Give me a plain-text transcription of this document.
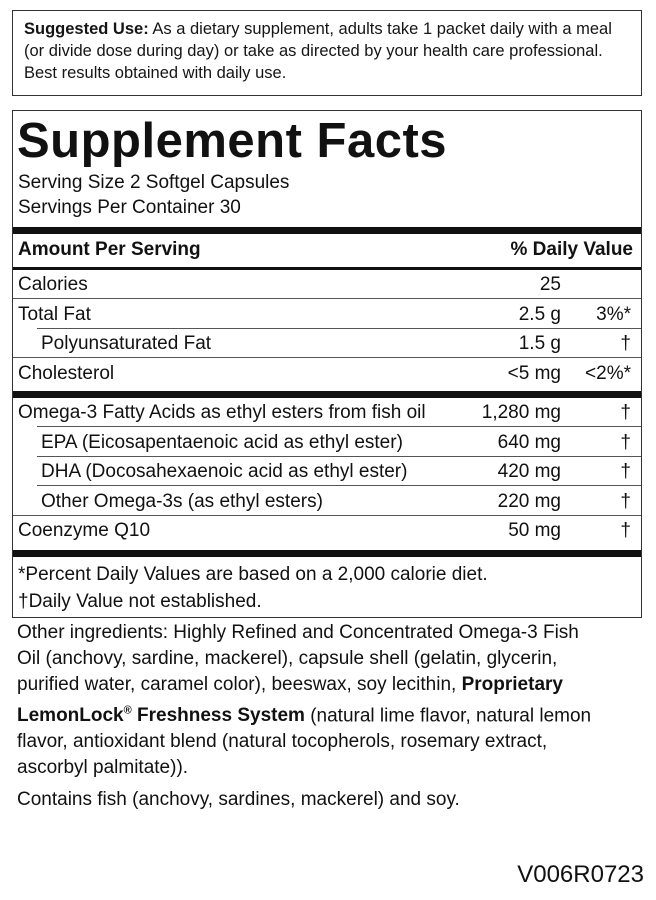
Suggested Use: As a dietary supplement, adults take 1 packet daily with a meal (or divide dose during day) or take as directed by your health care professional. Best results obtained with daily use.
Supplement Facts
Serving Size 2 Softgel Capsules
Servings Per Container 30
Amount Per Serving	% Daily Value
Calories	25
Total Fat	2.5 g	3%*
Polyunsaturated Fat	1.5 g	†
Cholesterol	<5 mg	<2%*
Omega-3 Fatty Acids as ethyl esters from fish oil	1,280 mg	†
EPA (Eicosapentaenoic acid as ethyl ester)	640 mg	†
DHA (Docosahexaenoic acid as ethyl ester)	420 mg	†
Other Omega-3s (as ethyl esters)	220 mg	†
Coenzyme Q10	50 mg	†
*Percent Daily Values are based on a 2,000 calorie diet.
†Daily Value not established.
Other ingredients: Highly Refined and Concentrated Omega-3 Fish Oil (anchovy, sardine, mackerel), capsule shell (gelatin, glycerin, purified water, caramel color), beeswax, soy lecithin, Proprietary LemonLock® Freshness System (natural lime flavor, natural lemon flavor, antioxidant blend (natural tocopherols, rosemary extract, ascorbyl palmitate)).
Contains fish (anchovy, sardines, mackerel) and soy.
V006R0723
